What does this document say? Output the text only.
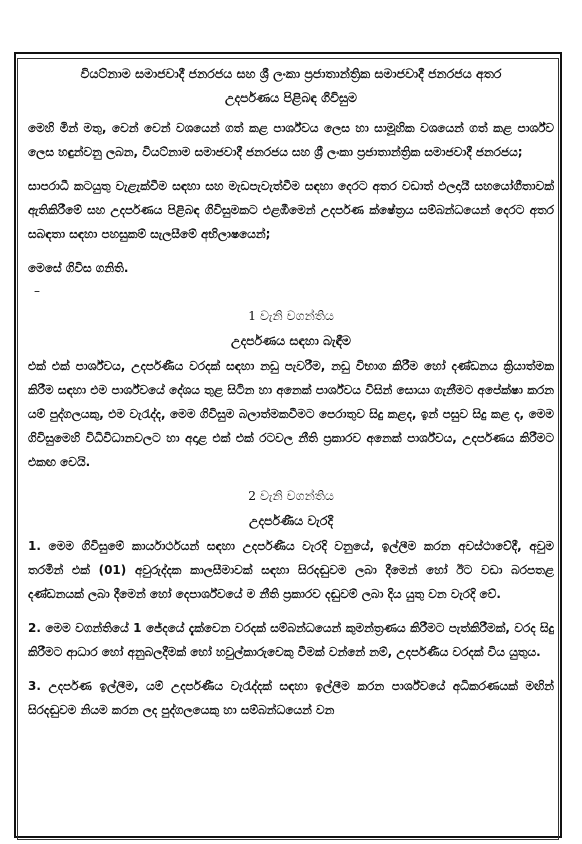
වියට්නාම සමාජවාදී ජනරජය සහ ශ්‍රී ලංකා ප්‍රජාතාන්ත්‍රික සමාජවාදී ජනරජය අතර

උදර්පණය පිළිබඳ ගිවිසුම

මෙහි මින් මතු, වෙන් වෙන් වශයෙන් ගත් කළ පාර්ශ්වය ලෙස හා සාමූහික වශයෙන් ගත් කළ පාර්ශ්ව ලෙස හඳුන්වනු ලබන, වියට්නාම සමාජවාදී ජනරජය සහ ශ්‍රී ලංකා ප්‍රජාතාන්ත්‍රික සමාජවාදී ජනරජය;

සාපරාධී කටයුතු වැළැක්වීම සඳහා සහ මැඩපැවැත්වීම සඳහා දෙරට අතර වඩාත් ඵලදායී සහයෝගීතාවක් ඇතිකිරීමේ සහ උදර්පණය පිළිබඳ ගිවිසුමකට එළඹීමෙන් උදර්පණ ක්ෂේත්‍රය සම්බන්ධයෙන් දෙරට අතර සබඳතා සඳහා පහසුකම් සැලසීමේ අභිලාෂයෙන්;

මෙසේ ගිවිස ගනිති.

–

1 වැනි වගන්තිය

උදර්පණය සඳහා බැඳීම

එක් එක් පාර්ශ්වය, උදර්පණීය වරදක් සඳහා නඩු පැවරීම, නඩු විභාග කිරීම හෝ දණ්ඩනය ක්‍රියාත්මක කිරීම සඳහා එම පාර්ශ්වයේ දේශය තුළ සිටින හා අනෙක් පාර්ශ්වය විසින් සොයා ගැනීමට අපේක්ෂා කරන යම් පුද්ගලයකු, එම වැරැද්ද, මෙම ගිවිසුම බලාත්මකවීමට පෙරාතුව සිදු කළද, ඉන් පසුව සිදු කළ ද, මෙම ගිවිසුමෙහි විධිවිධානවලට හා අදාළ එක් එක් රටවල නීති ප්‍රකාරව අනෙක් පාර්ශ්වය, උදර්පණය කිරීමට එකඟ වෙයි.

2 වැනි වගන්තිය

උදර්පණීය වැරදි

1. මෙම ගිවිසුමේ කාර්යාර්ථයන් සඳහා උදර්පණීය වැරදි වනුයේ, ඉල්ලීම කරන අවස්ථාවේදී, අවුම තරමින් එක් (01) අවුරුද්දක කාලසීමාවක් සඳහා සිරදඬුවම ලබා දීමෙන් හෝ ඊට වඩා බරපතළ දණ්ඩනයක් ලබා දීමෙන් හෝ දෙපාර්ශ්වයේ ම නීති ප්‍රකාරව දඬුවම් ලබා දිය යුතු වන වැරදි වේ.

2. මෙම වගන්තියේ 1 ජේදයේ දැක්වෙන වරදක් සම්බන්ධයෙන් කුමන්ත්‍රණය කිරීමට පැත්කිරීමක්, වරද සිදු කිරීමට ආධාර හෝ අනුබලදීමක් හෝ හවුල්කාරුවෙකු වීමක් වන්නේ නම්, උදර්පණීය වරදක් විය යුතුය.

3. උදර්පණ ඉල්ලීම, යම් උදර්පණීය වැරැද්දක් සඳහා ඉල්ලීම කරන පාර්ශ්වයේ අධිකරණයක් මඟින් සිරදඬුවම නියම කරන ලද පුද්ගලයෙකු හා සම්බන්ධයෙන් වන
